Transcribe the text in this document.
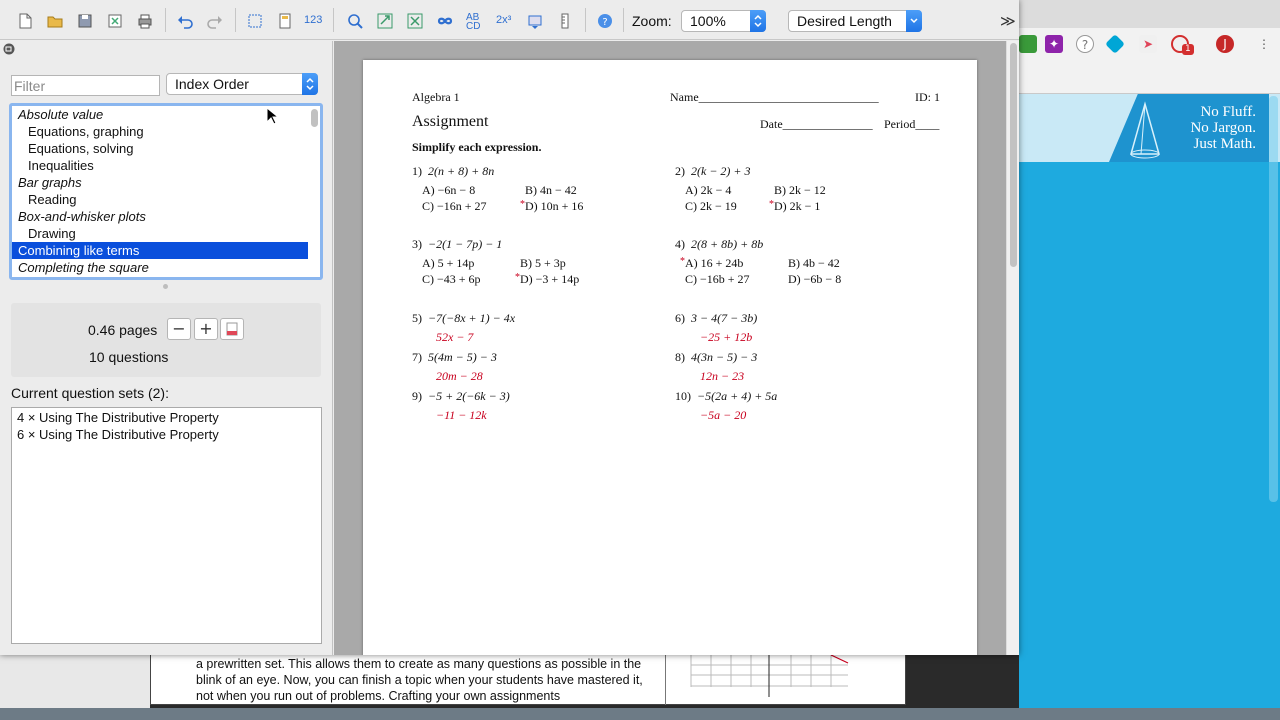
✦	?	➤	1	J	⋮
No Fluff.
No Jargon.
Just Math.
a prewritten set. This allows them to create as many questions as possible in the blink of an eye. Now, you can finish a topic when your students have mastered it, not when you run out of problems. Crafting your own assignments
123	AB
CD
2x³	? Zoom:	100%	Desired Length	≫
Filter
Index Order
Absolute value
Equations, graphing
Equations, solving
Inequalities
Bar graphs
Reading
Box-and-whisker plots
Drawing
Combining like terms
Completing the square
0.46 pages − +
10 questions
Current question sets (2):
4 × Using The Distributive Property
6 × Using The Distributive Property
Algebra 1	Name______________________________	ID: 1
Assignment	Date_______________ Period____
Simplify each expression.
1) 2(n + 8) + 8n
A) −6n − 8	B) 4n − 42
C) −16n + 27	* D) 10n + 16
2) 2(k − 2) + 3
A) 2k − 4	B) 2k − 12
C) 2k − 19	* D) 2k − 1
3) −2(1 − 7p) − 1
A) 5 + 14p	B) 5 + 3p
C) −43 + 6p	* D) −3 + 14p
4) 2(8 + 8b) + 8b
* A) 16 + 24b	B) 4b − 42
C) −16b + 27	D) −6b − 8
5) −7(−8x + 1) − 4x
52x − 7
6) 3 − 4(7 − 3b)
−25 + 12b
7) 5(4m − 5) − 3
20m − 28
8) 4(3n − 5) − 3
12n − 23
9) −5 + 2(−6k − 3)
−11 − 12k
10) −5(2a + 4) + 5a
−5a − 20
